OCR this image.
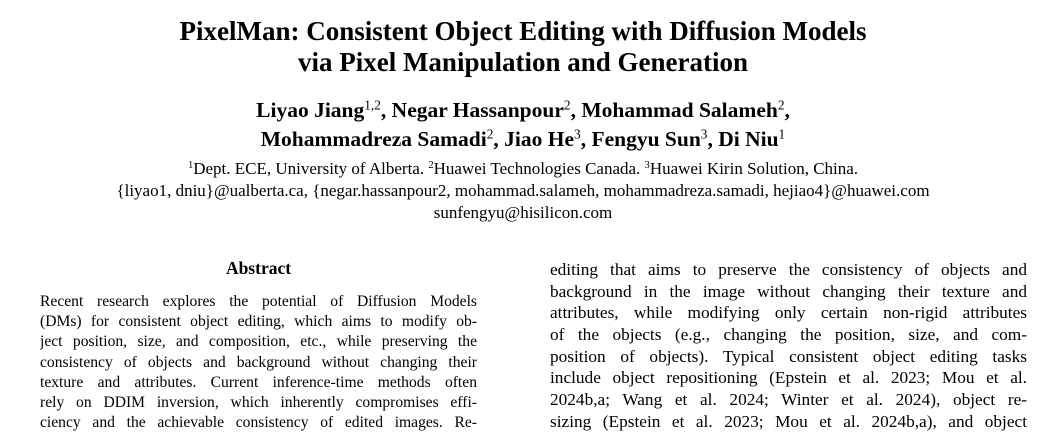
PixelMan: Consistent Object Editing with Diffusion Models
via Pixel Manipulation and Generation
Liyao Jiang$^{1,2}$, Negar Hassanpour$^2$, Mohammad Salameh$^2$,
Mohammadreza Samadi$^2$, Jiao He$^3$, Fengyu Sun$^3$, Di Niu$^1$
$^1$Dept. ECE, University of Alberta. $^2$Huawei Technologies Canada. $^3$Huawei Kirin Solution, China.
{liyao1, dniu}@ualberta.ca, {negar.hassanpour2, mohammad.salameh, mohammadreza.samadi, hejiao4}@huawei.com
sunfengyu@hisilicon.com
Abstract
Recent research explores the potential of Diffusion Models
(DMs) for consistent object editing, which aims to modify ob-
ject position, size, and composition, etc., while preserving the
consistency of objects and background without changing their
texture and attributes. Current inference-time methods often
rely on DDIM inversion, which inherently compromises effi-
ciency and the achievable consistency of edited images. Re-
editing that aims to preserve the consistency of objects and
background in the image without changing their texture and
attributes, while modifying only certain non-rigid attributes
of the objects (e.g., changing the position, size, and com-
position of objects). Typical consistent object editing tasks
include object repositioning (Epstein et al. 2023; Mou et al.
2024b,a; Wang et al. 2024; Winter et al. 2024), object re-
sizing (Epstein et al. 2023; Mou et al. 2024b,a), and object
